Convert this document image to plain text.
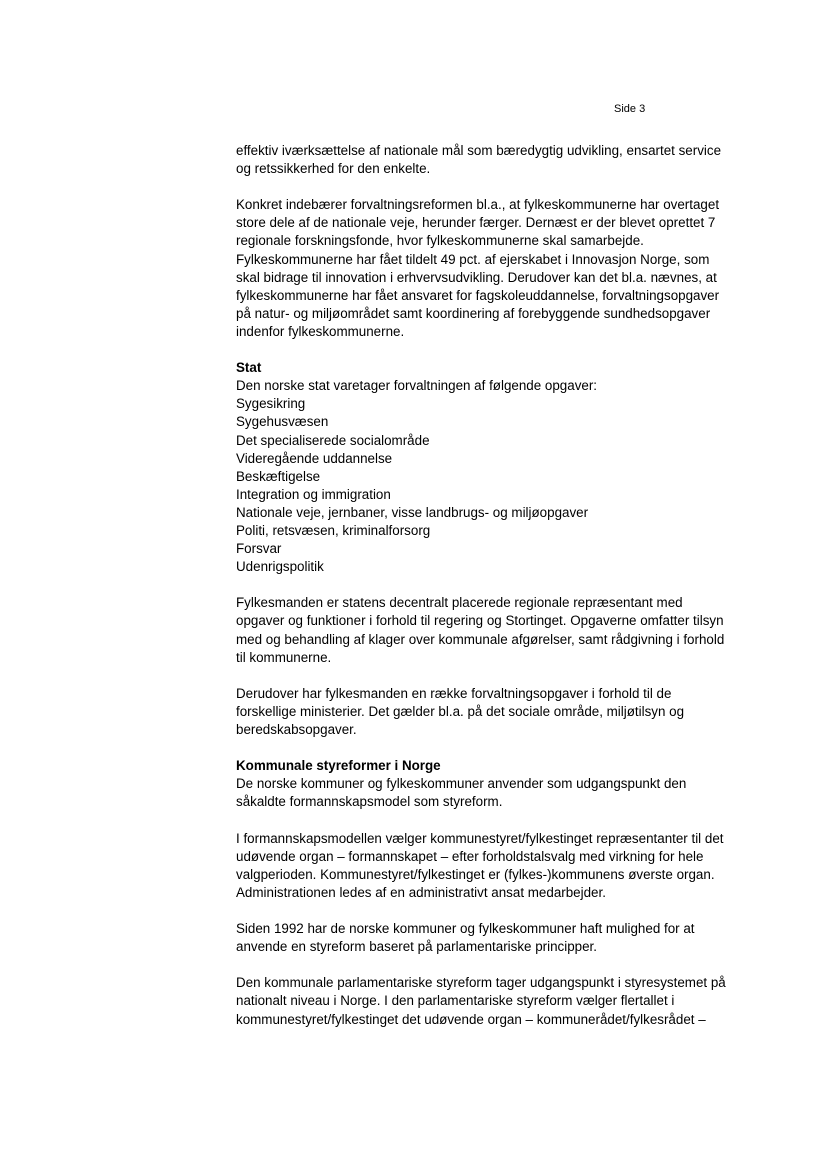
Side 3

effektiv iværksættelse af nationale mål som bæredygtig udvikling, ensartet service
og retssikkerhed for den enkelte.

Konkret indebærer forvaltningsreformen bl.a., at fylkeskommunerne har overtaget
store dele af de nationale veje, herunder færger. Dernæst er der blevet oprettet 7
regionale forskningsfonde, hvor fylkeskommunerne skal samarbejde.
Fylkeskommunerne har fået tildelt 49 pct. af ejerskabet i Innovasjon Norge, som
skal bidrage til innovation i erhvervsudvikling. Derudover kan det bl.a. nævnes, at
fylkeskommunerne har fået ansvaret for fagskoleuddannelse, forvaltningsopgaver
på natur- og miljøområdet samt koordinering af forebyggende sundhedsopgaver
indenfor fylkeskommunerne.

Stat
Den norske stat varetager forvaltningen af følgende opgaver:
Sygesikring
Sygehusvæsen
Det specialiserede socialområde
Videregående uddannelse
Beskæftigelse
Integration og immigration
Nationale veje, jernbaner, visse landbrugs- og miljøopgaver
Politi, retsvæsen, kriminalforsorg
Forsvar
Udenrigspolitik

Fylkesmanden er statens decentralt placerede regionale repræsentant med
opgaver og funktioner i forhold til regering og Stortinget. Opgaverne omfatter tilsyn
med og behandling af klager over kommunale afgørelser, samt rådgivning i forhold
til kommunerne.

Derudover har fylkesmanden en række forvaltningsopgaver i forhold til de
forskellige ministerier. Det gælder bl.a. på det sociale område, miljøtilsyn og
beredskabsopgaver.

Kommunale styreformer i Norge

De norske kommuner og fylkeskommuner anvender som udgangspunkt den
såkaldte formannskapsmodel som styreform.

I formannskapsmodellen vælger kommunestyret/fylkestinget repræsentanter til det
udøvende organ – formannskapet – efter forholdstalsvalg med virkning for hele
valgperioden. Kommunestyret/fylkestinget er (fylkes-)kommunens øverste organ.
Administrationen ledes af en administrativt ansat medarbejder.

Siden 1992 har de norske kommuner og fylkeskommuner haft mulighed for at
anvende en styreform baseret på parlamentariske principper.

Den kommunale parlamentariske styreform tager udgangspunkt i styresystemet på
nationalt niveau i Norge. I den parlamentariske styreform vælger flertallet i
kommunestyret/fylkestinget det udøvende organ – kommunerådet/fylkesrådet –
